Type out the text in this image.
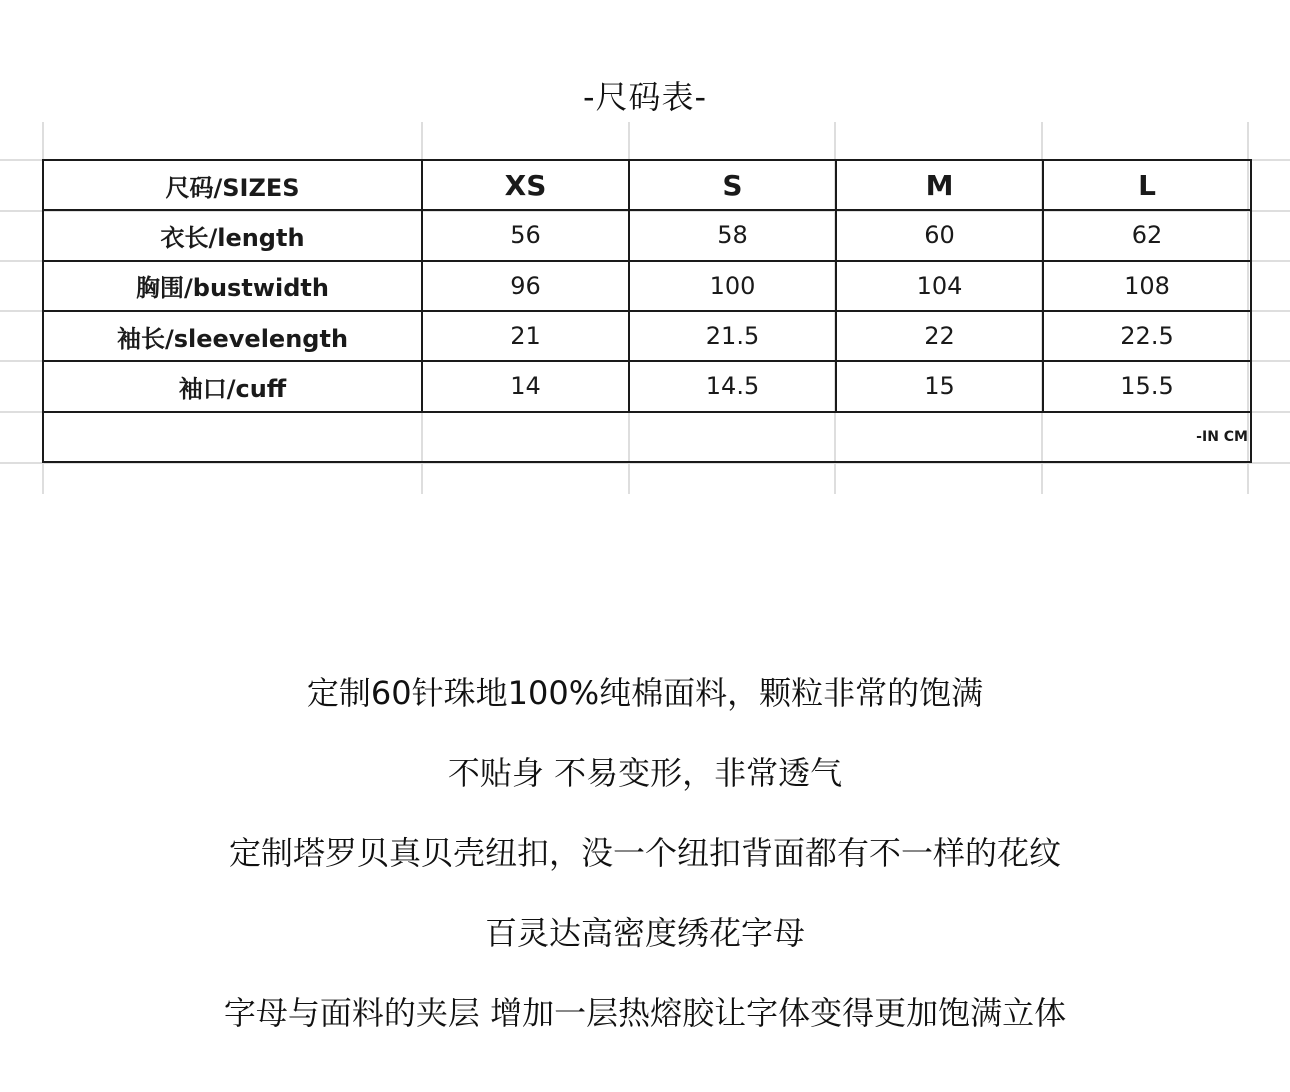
-尺码表-
尺码/SIZES	XS	S	M	L
衣长/length	56	58	60	62
胸围/bustwidth	96	100	104	108
袖长/sleevelength	21	21.5	22	22.5
袖口/cuff	14	14.5	15	15.5
-IN CM				

定制60针珠地100%纯棉面料，颗粒非常的饱满

不贴身 不易变形，非常透气

定制塔罗贝真贝壳纽扣，没一个纽扣背面都有不一样的花纹

百灵达高密度绣花字母

字母与面料的夹层 增加一层热熔胶让字体变得更加饱满立体
